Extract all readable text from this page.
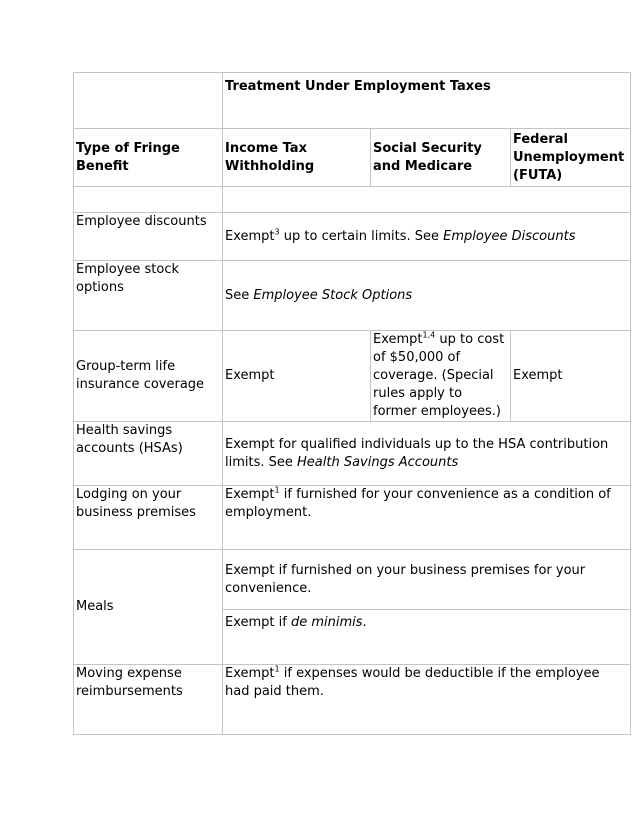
	Treatment Under Employment Taxes		

Type of Fringe Benefit	Income Tax Withholding	Social Security and Medicare	Federal Unemployment (FUTA)

Employee discounts	Exempt$^3$ up to certain limits. See Employee Discounts		
Employee stock options	See Employee Stock Options		
Group-term life insurance coverage	Exempt	Exempt$^{1,4}$ up to cost of $50,000 of coverage. (Special rules apply to former employees.)	Exempt
Health savings accounts (HSAs)	Exempt for qualified individuals up to the HSA contribution limits. See Health Savings Accounts		
Lodging on your business premises	Exempt$^1$ if furnished for your convenience as a condition of employment.		
Meals	Exempt if furnished on your business premises for your convenience.		

	Exempt if de minimis.		

Moving expense reimbursements	Exempt$^1$ if expenses would be deductible if the employee had paid them.		
